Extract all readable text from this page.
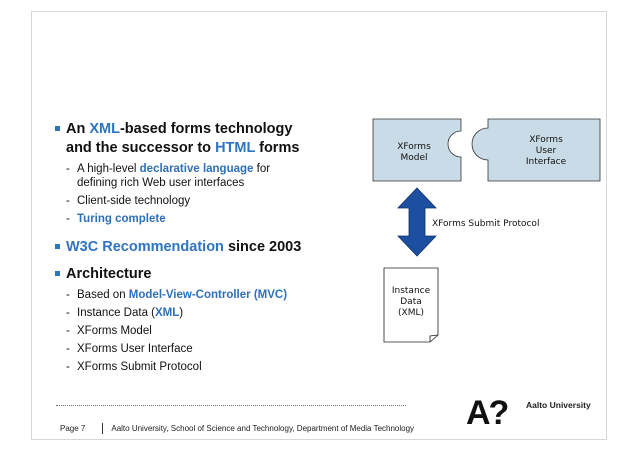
An XML-based forms technology
and the successor to HTML forms
- A high-level declarative language for
defining rich Web user interfaces
- Client-side technology
- Turing complete
W3C Recommendation since 2003
Architecture
- Based on Model-View-Controller (MVC)
- Instance Data (XML)
- XForms Model
- XForms User Interface
- XForms Submit Protocol
XForms
Model
XForms
User
Interface
XForms Submit Protocol
Instance
Data
(XML)
Page 7	Aalto University, School of Science and Technology, Department of Media Technology A? Aalto University
